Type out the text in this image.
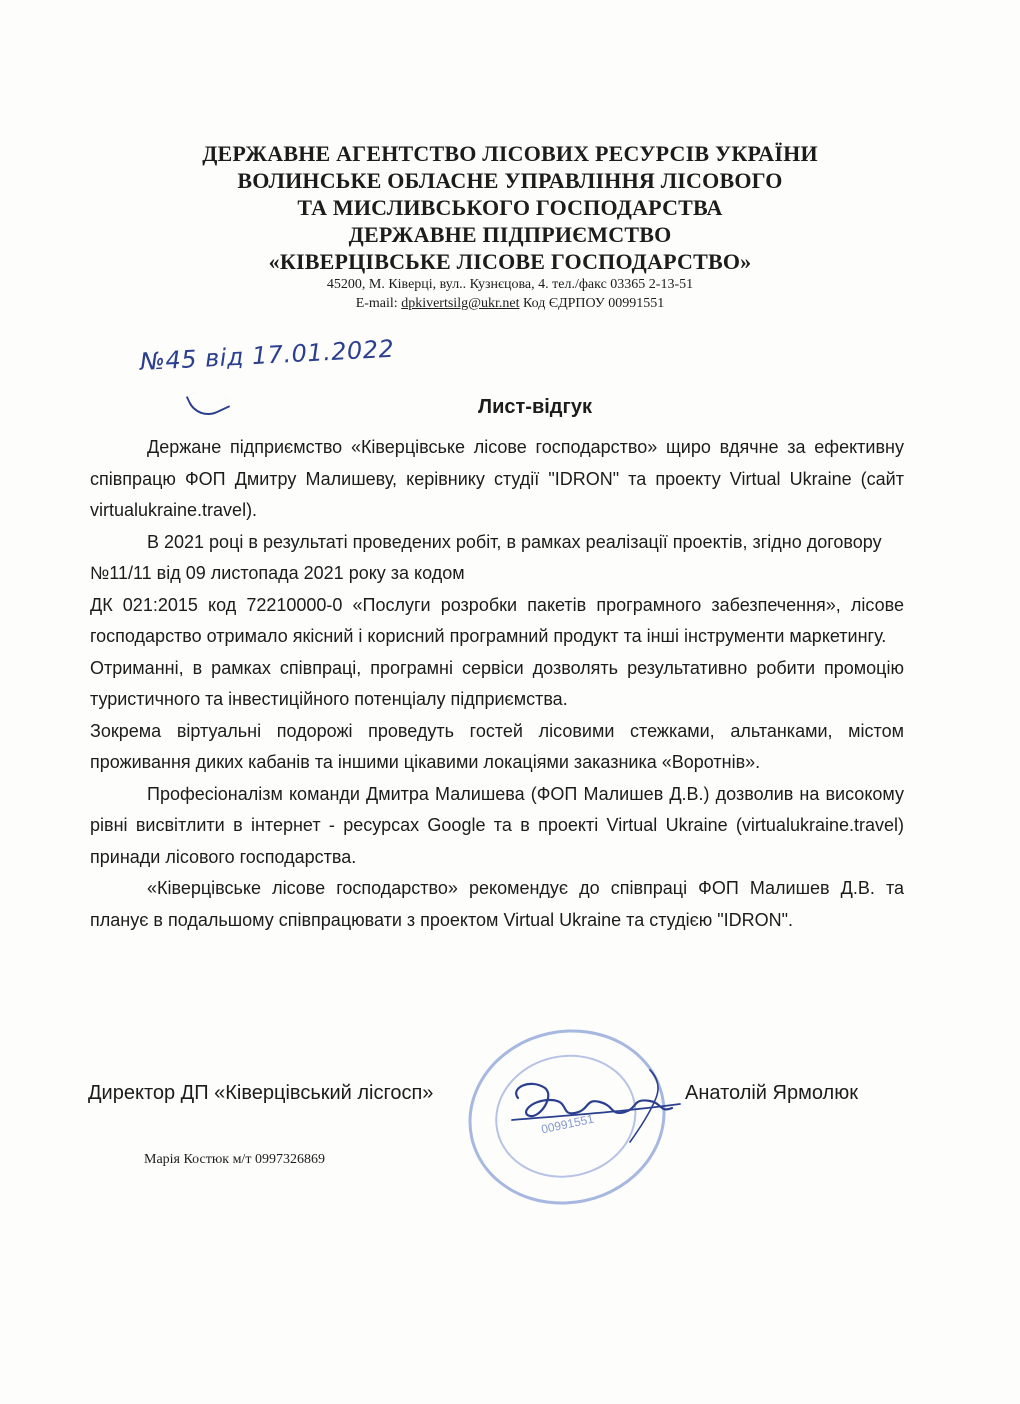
ДЕРЖАВНЕ АГЕНТСТВО ЛІСОВИХ РЕСУРСІВ УКРАЇНИ
ВОЛИНСЬКЕ ОБЛАСНЕ УПРАВЛІННЯ ЛІСОВОГО
ТА МИСЛИВСЬКОГО ГОСПОДАРСТВА
ДЕРЖАВНЕ ПІДПРИЄМСТВО
«КІВЕРЦІВСЬКЕ ЛІСОВЕ ГОСПОДАРСТВО»
45200, М. Ківерці, вул.. Кузнєцова, 4. тел./факс 03365 2-13-51
E-mail: dpkivertsilg@ukr.net Код ЄДРПОУ 00991551
№45 від 17.01.2022
Лист-відгук

Держане підприємство «Ківерцівське лісове господарство» щиро вдячне за ефективну співпрацю ФОП Дмитру Малишеву, керівнику студії "IDRON" та проекту Virtual Ukraine (сайт virtualukraine.travel).

В 2021 році в результаті проведених робіт, в рамках реалізації проектів, згідно договору №11/11 від 09 листопада 2021 року за кодом

ДК 021:2015 код 72210000-0 «Послуги розробки пакетів програмного забезпечення», лісове господарство отримало якісний і корисний програмний продукт та інші інструменти маркетингу.

Отриманні, в рамках співпраці, програмні сервіси дозволять результативно робити промоцію туристичного та інвестиційного потенціалу підприємства.

Зокрема віртуальні подорожі проведуть гостей лісовими стежками, альтанками, містом проживання диких кабанів та іншими цікавими локаціями заказника «Воротнів».

Професіоналізм команди Дмитра Малишева (ФОП Малишев Д.В.) дозволив на високому рівні висвітлити в інтернет - ресурсах Google та в проекті Virtual Ukraine (virtualukraine.travel) принади лісового господарства.

«Ківерцівське лісове господарство» рекомендує до співпраці ФОП Малишев Д.В. та планує в подальшому співпрацювати з проектом Virtual Ukraine та студією "IDRON".

00991551
Директор ДП «Ківерцівський лісгосп»	Анатолій Ярмолюк
Марія Костюк м/т 0997326869
